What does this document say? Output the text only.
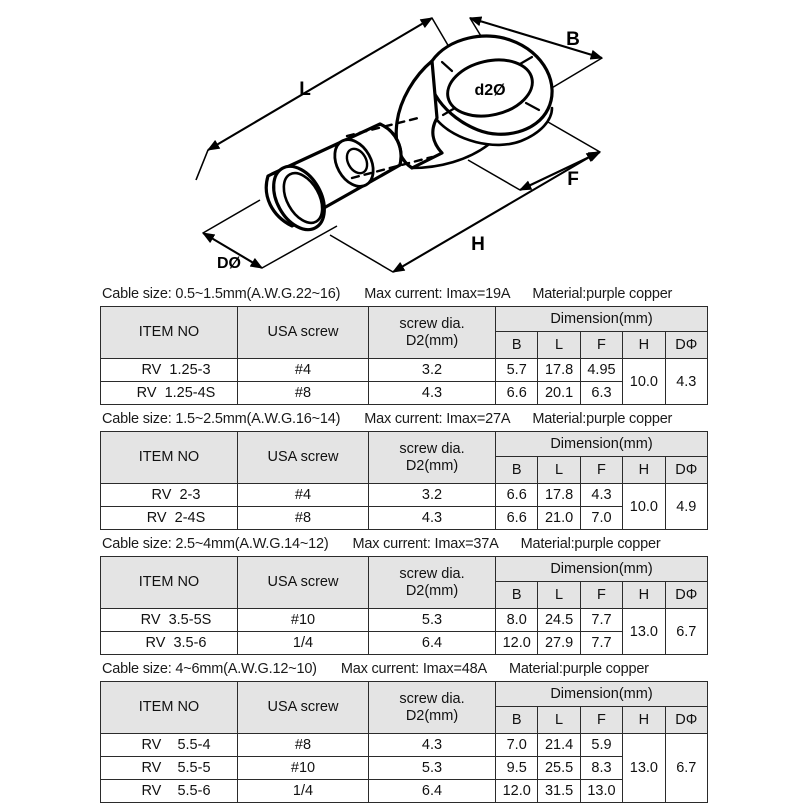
L
B
d2Ø
F
H
DØ
Cable size: 0.5~1.5mm(A.W.G.22~16) Max current: Imax=19A Material:purple copper
ITEM NO	USA screw	screw dia.
D2(mm)	Dimension(mm)				
			B	L	F	H	DΦ
RV  1.25-3	#4	3.2	5.7	17.8	4.95	10.0	4.3
RV  1.25-4S	#8	4.3	6.6	20.1	6.3		
Cable size: 1.5~2.5mm(A.W.G.16~14) Max current: Imax=27A Material:purple copper
ITEM NO	USA screw	screw dia.
D2(mm)	Dimension(mm)				
			B	L	F	H	DΦ
RV  2-3	#4	3.2	6.6	17.8	4.3	10.0	4.9
RV  2-4S	#8	4.3	6.6	21.0	7.0		
Cable size: 2.5~4mm(A.W.G.14~12) Max current: Imax=37A Material:purple copper
ITEM NO	USA screw	screw dia.
D2(mm)	Dimension(mm)				
			B	L	F	H	DΦ
RV  3.5-5S	#10	5.3	8.0	24.5	7.7	13.0	6.7
RV  3.5-6	1/4	6.4	12.0	27.9	7.7		
Cable size: 4~6mm(A.W.G.12~10) Max current: Imax=48A Material:purple copper
ITEM NO	USA screw	screw dia.
D2(mm)	Dimension(mm)				
			B	L	F	H	DΦ
RV    5.5-4	#8	4.3	7.0	21.4	5.9	13.0	6.7
RV    5.5-5	#10	5.3	9.5	25.5	8.3		
RV    5.5-6	1/4	6.4	12.0	31.5	13.0		
